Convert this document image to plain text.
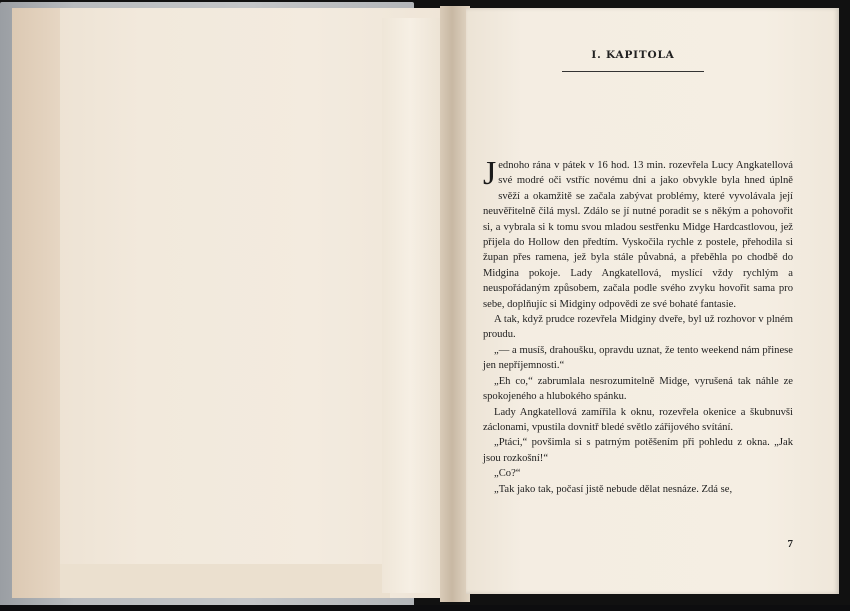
I. KAPITOLA

Jednoho rána v pátek v 16 hod. 13 min. rozevřela Lucy Angkatellová své modré oči vstříc novému dni a jako obvykle byla hned úplně svěží a okamžitě se začala zabývat problémy, které vyvolávala její neuvěřitelně čilá mysl. Zdálo se jí nutné poradit se s někým a pohovořit si, a vybrala si k tomu svou mladou sestřenku Midge Hardcastlovou, jež přijela do Hollow den předtím. Vyskočila rychle z postele, přehodila si župan přes ramena, jež byla stále půvabná, a přeběhla po chodbě do Midgina pokoje. Lady Angkatellová, myslící vždy rychlým a neuspořádaným způsobem, začala podle svého zvyku hovořit sama pro sebe, doplňujíc si Midginy odpovědi ze své bohaté fantasie.

A tak, když prudce rozevřela Midginy dveře, byl už rozhovor v plném proudu.

„— a musíš, drahoušku, opravdu uznat, že tento weekend nám přinese jen nepříjemnosti.“

„Eh co,“ zabrumlala nesrozumitelně Midge, vyrušená tak náhle ze spokojeného a hlubokého spánku.

Lady Angkatellová zamířila k oknu, rozevřela okenice a škubnuvši záclonami, vpustila dovnitř bledé světlo zářijového svítání.

„Ptáci,“ povšimla si s patrným potěšením při pohledu z okna. „Jak jsou rozkošní!“

„Co?“

„Tak jako tak, počasí jistě nebude dělat nesnáze. Zdá se,

7
